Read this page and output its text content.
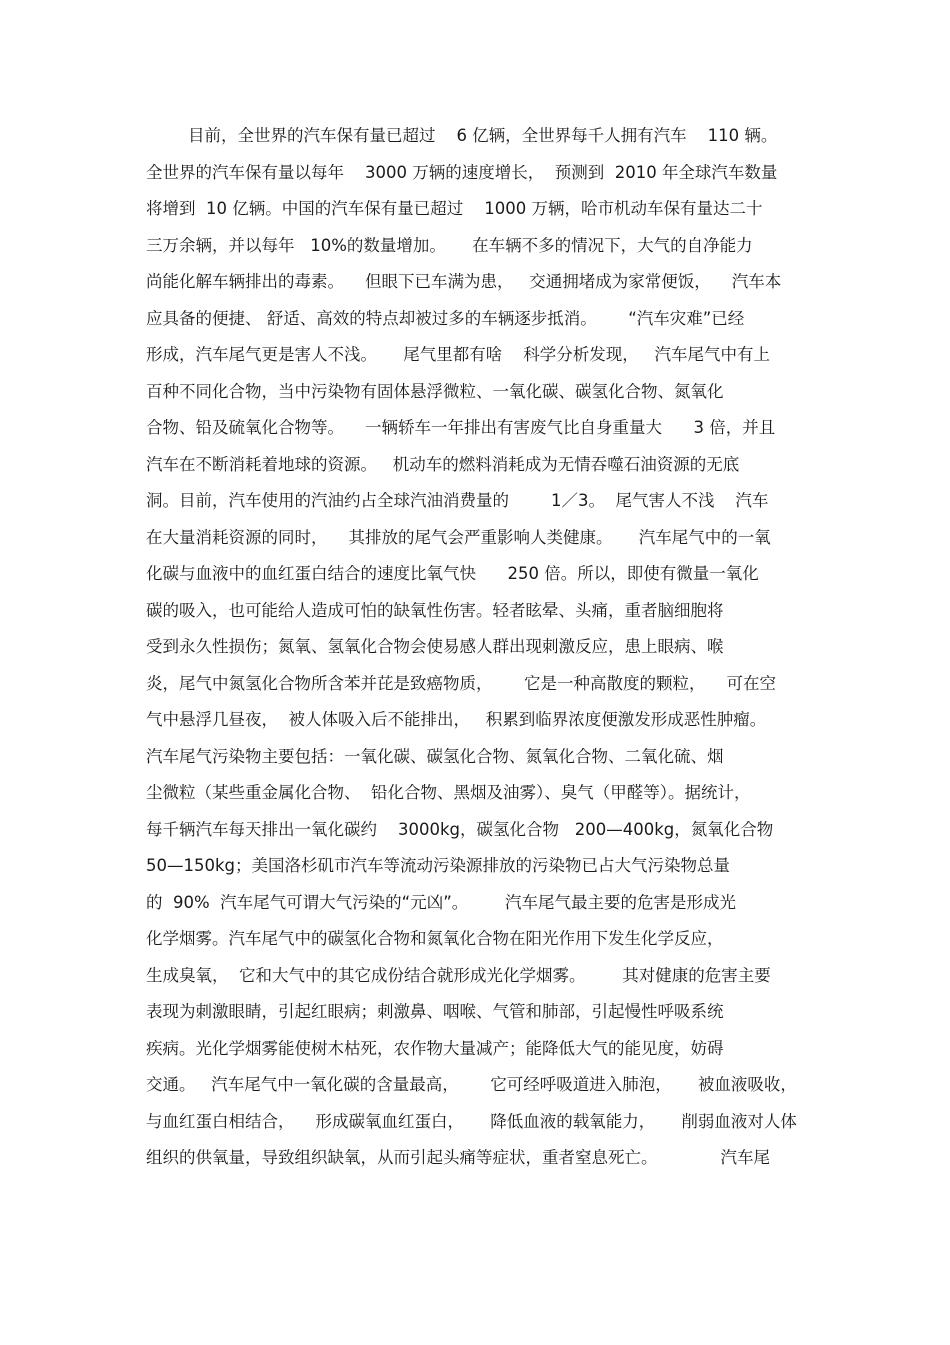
目前，全世界的汽车保有量已超过    6 亿辆，全世界每千人拥有汽车    110 辆。
全世界的汽车保有量以每年    3000 万辆的速度增长，  预测到  2010 年全球汽车数量
将增到  10 亿辆。中国的汽车保有量已超过    1000 万辆，哈市机动车保有量达二十
三万余辆，并以每年   10%的数量增加。     在车辆不多的情况下，大气的自净能力
尚能化解车辆排出的毒素。    但眼下已车满为患，   交通拥堵成为家常便饭，    汽车本
应具备的便捷、 舒适、高效的特点却被过多的车辆逐步抵消。      “汽车灾难”已经
形成，汽车尾气更是害人不浅。     尾气里都有啥    科学分析发现，   汽车尾气中有上
百种不同化合物，当中污染物有固体悬浮微粒、一氧化碳、碳氢化合物、氮氧化
合物、铅及硫氧化合物等。    一辆轿车一年排出有害废气比自身重量大      3 倍，并且
汽车在不断消耗着地球的资源。   机动车的燃料消耗成为无情吞噬石油资源的无底
洞。目前，汽车使用的汽油约占全球汽油消费量的        1／3。  尾气害人不浅    汽车
在大量消耗资源的同时，    其排放的尾气会严重影响人类健康。     汽车尾气中的一氧
化碳与血液中的血红蛋白结合的速度比氧气快      250 倍。所以，即使有微量一氧化
碳的吸入，也可能给人造成可怕的缺氧性伤害。轻者眩晕、头痛，重者脑细胞将
受到永久性损伤；氮氧、氢氧化合物会使易感人群出现刺激反应，患上眼病、喉
炎，尾气中氮氢化合物所含苯并芘是致癌物质，      它是一种高散度的颗粒，    可在空
气中悬浮几昼夜，  被人体吸入后不能排出，   积累到临界浓度便激发形成恶性肿瘤。
汽车尾气污染物主要包括：一氧化碳、碳氢化合物、氮氧化合物、二氧化硫、烟
尘微粒（某些重金属化合物、  铅化合物、黑烟及油雾）、臭气（甲醛等）。据统计，
每千辆汽车每天排出一氧化碳约    3000kg，碳氢化合物   200—400kg，氮氧化合物
50—150kg；美国洛杉矶市汽车等流动污染源排放的污染物已占大气污染物总量
的  90%  汽车尾气可谓大气污染的“元凶”。       汽车尾气最主要的危害是形成光
化学烟雾。汽车尾气中的碳氢化合物和氮氧化合物在阳光作用下发生化学反应，
生成臭氧，  它和大气中的其它成份结合就形成光化学烟雾。       其对健康的危害主要
表现为刺激眼睛，引起红眼病；刺激鼻、咽喉、气管和肺部，引起慢性呼吸系统
疾病。光化学烟雾能使树木枯死，农作物大量减产；能降低大气的能见度，妨碍
交通。   汽车尾气中一氧化碳的含量最高，      它可经呼吸道进入肺泡，     被血液吸收，
与血红蛋白相结合，    形成碳氧血红蛋白，     降低血液的载氧能力，     削弱血液对人体
组织的供氧量，导致组织缺氧，从而引起头痛等症状，重者窒息死亡。            汽车尾
